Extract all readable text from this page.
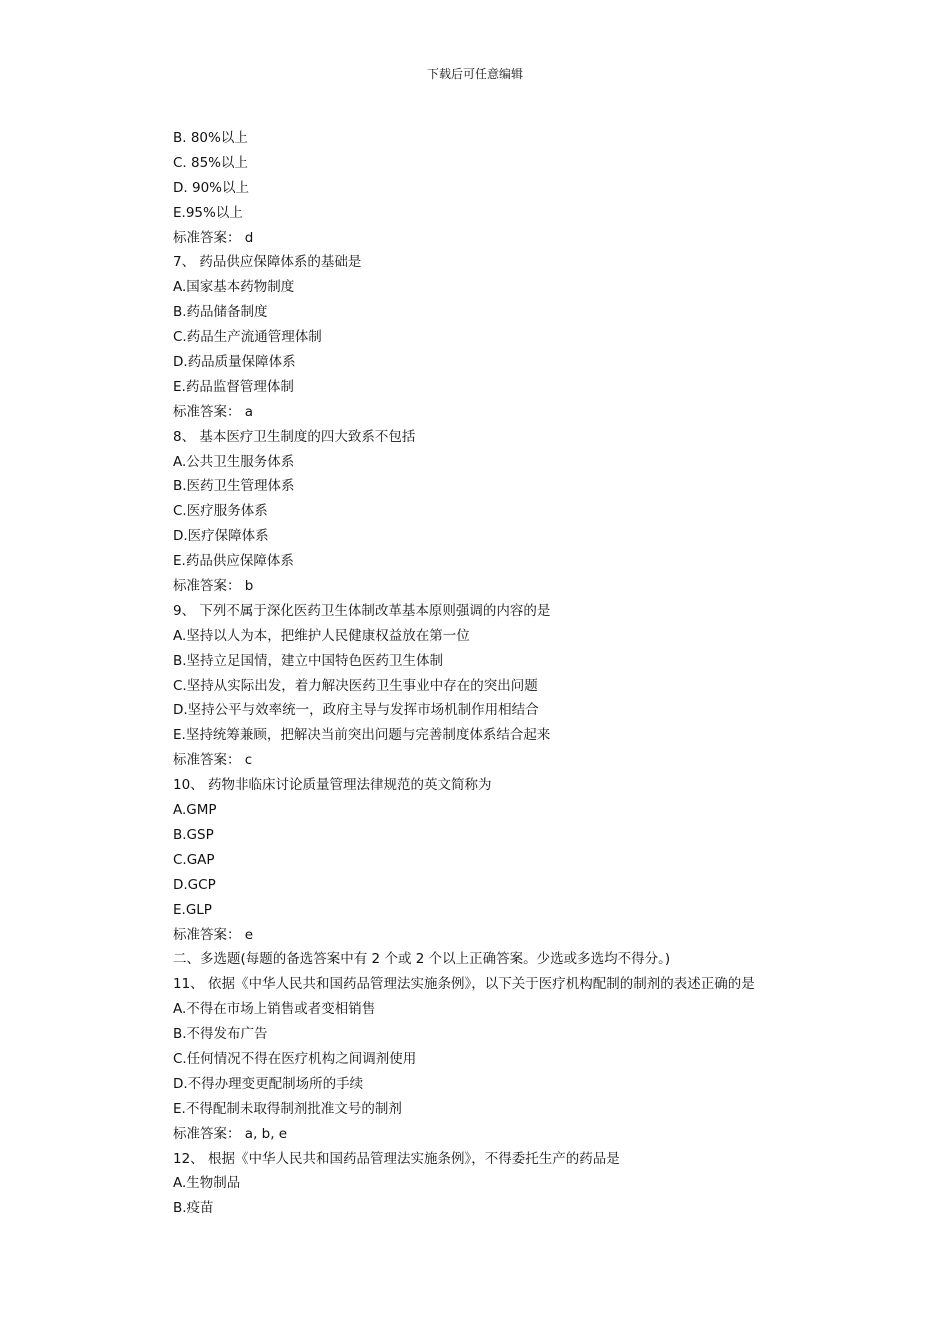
下载后可任意编辑
B. 80%以上
C. 85%以上
D. 90%以上
E.95%以上
标准答案： d
7、 药品供应保障体系的基础是
A.国家基本药物制度
B.药品储备制度
C.药品生产流通管理体制
D.药品质量保障体系
E.药品监督管理体制
标准答案： a
8、 基本医疗卫生制度的四大致系不包括
A.公共卫生服务体系
B.医药卫生管理体系
C.医疗服务体系
D.医疗保障体系
E.药品供应保障体系
标准答案： b
9、 下列不属于深化医药卫生体制改革基本原则强调的内容的是
A.坚持以人为本，把维护人民健康权益放在第一位
B.坚持立足国情，建立中国特色医药卫生体制
C.坚持从实际出发，着力解决医药卫生事业中存在的突出问题
D.坚持公平与效率统一，政府主导与发挥市场机制作用相结合
E.坚持统筹兼顾，把解决当前突出问题与完善制度体系结合起来
标准答案： c
10、 药物非临床讨论质量管理法律规范的英文简称为
A.GMP
B.GSP
C.GAP
D.GCP
E.GLP
标准答案： e
二、多选题(每题的备选答案中有 2 个或 2 个以上正确答案。少选或多选均不得分。)
11、 依据《中华人民共和国药品管理法实施条例》，以下关于医疗机构配制的制剂的表述正确的是
A.不得在市场上销售或者变相销售
B.不得发布广告
C.任何情况不得在医疗机构之间调剂使用
D.不得办理变更配制场所的手续
E.不得配制未取得制剂批准文号的制剂
标准答案： a, b, e
12、 根据《中华人民共和国药品管理法实施条例》，不得委托生产的药品是
A.生物制品
B.疫苗
